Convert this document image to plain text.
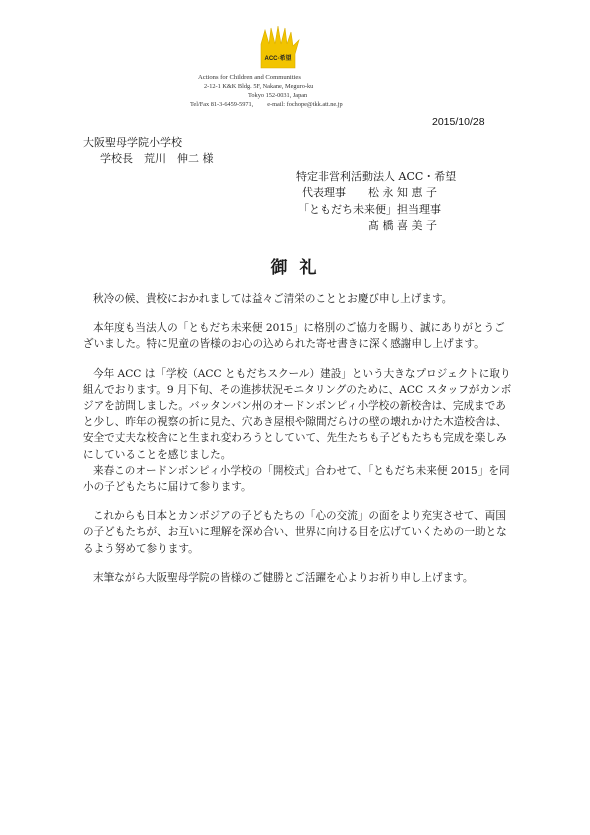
ACC·希望
Actions for Children and Communities
2-12-1 K&K Bldg. 5F, Nakane, Meguro-ku
Tokyo 152-0031, Japan
Tel/Fax 81-3-6459-5971, e-mail: fochope@tkk.att.ne.jp
2015/10/28
大阪聖母学院小学校
学校長　荒川　伸二 様
特定非営利活動法人 ACC・希望
代表理事　　松 永 知 恵 子
「ともだち未来便」担当理事
髙 橋 喜 美 子
御 礼

秋冷の候、貴校におかれましては益々ご清栄のこととお慶び申し上げます。

本年度も当法人の「ともだち未来便 2015」に格別のご協力を賜り、誠にありがとうございました。特に児童の皆様のお心の込められた寄せ書きに深く感謝申し上げます。

今年 ACC は「学校（ACC ともだちスクール）建設」という大きなプロジェクトに取り組んでおります。9 月下旬、その進捗状況モニタリングのために、ACC スタッフがカンボジアを訪問しました。バッタンバン州のオードンボンピィ小学校の新校舎は、完成まであと少し、昨年の視察の折に見た、穴あき屋根や隙間だらけの壁の壊れかけた木造校舎は、安全で丈夫な校舎にと生まれ変わろうとしていて、先生たちも子どもたちも完成を楽しみにしていることを感じました。

来春このオードンボンピィ小学校の「開校式」合わせて、「ともだち未来便 2015」を同小の子どもたちに届けて参ります。

これからも日本とカンボジアの子どもたちの「心の交流」の面をより充実させて、両国の子どもたちが、お互いに理解を深め合い、世界に向ける目を広げていくための一助となるよう努めて参ります。

末筆ながら大阪聖母学院の皆様のご健勝とご活躍を心よりお祈り申し上げます。
